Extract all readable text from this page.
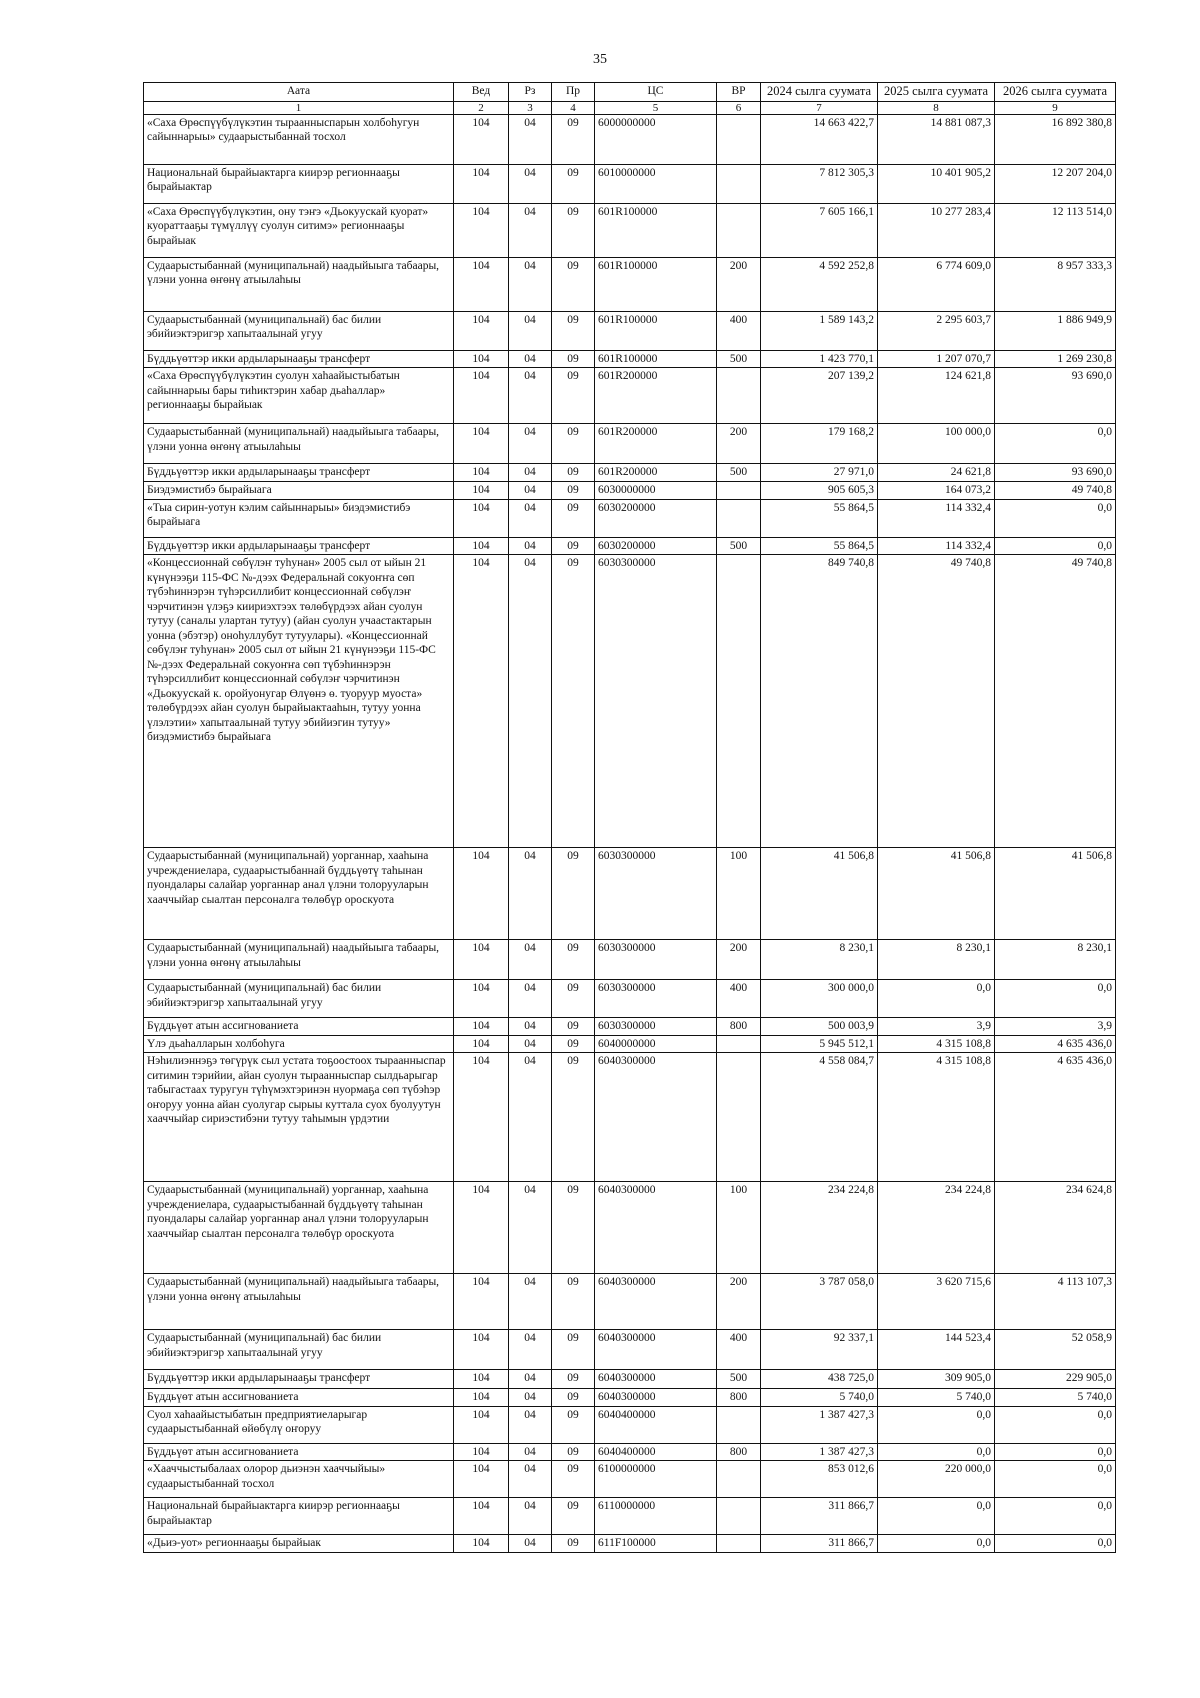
35
Аата	Вед	Рз	Пр	ЦС	ВР	2024 сылга суумата	2025 сылга суумата	2026 сылга суумата
1	2	3	4	5	6	7	8	9
«Саха Өрөспүүбүлүкэтин тыраанныспарын холбоһугун сайыннарыы» судаарыстыбаннай тосхол	104	04	09	6000000000		14 663 422,7	14 881 087,3	16 892 380,8
Национальнай бырайыактарга киирэр регионнааҕы бырайыактар	104	04	09	6010000000		7 812 305,3	10 401 905,2	12 207 204,0
«Саха Өрөспүүбүлүкэтин, ону тэҥэ «Дьокуускай куорат» куораттааҕы түмүллүү суолун ситимэ» регионнааҕы бырайыак	104	04	09	601R100000		7 605 166,1	10 277 283,4	12 113 514,0
Судаарыстыбаннай (муниципальнай) наадыйыыга табаары, үлэни уонна өҥөнү атыылаһыы	104	04	09	601R100000	200	4 592 252,8	6 774 609,0	8 957 333,3
Судаарыстыбаннай (муниципальнай) бас билии эбийиэктэригэр хапытаалынай угуу	104	04	09	601R100000	400	1 589 143,2	2 295 603,7	1 886 949,9
Бүддьүөттэр икки ардыларынааҕы трансферт	104	04	09	601R100000	500	1 423 770,1	1 207 070,7	1 269 230,8
«Саха Өрөспүүбүлүкэтин суолун хаһаайыстыбатын сайыннарыы бары тиһиктэрин хабар дьаһаллар» регионнааҕы бырайыак	104	04	09	601R200000		207 139,2	124 621,8	93 690,0
Судаарыстыбаннай (муниципальнай) наадыйыыга табаары, үлэни уонна өҥөнү атыылаһыы	104	04	09	601R200000	200	179 168,2	100 000,0	0,0
Бүддьүөттэр икки ардыларынааҕы трансферт	104	04	09	601R200000	500	27 971,0	24 621,8	93 690,0
Биэдэмистибэ бырайыага	104	04	09	6030000000		905 605,3	164 073,2	49 740,8
«Тыа сирин-уотун кэлим сайыннарыы» биэдэмистибэ бырайыага	104	04	09	6030200000		55 864,5	114 332,4	0,0
Бүддьүөттэр икки ардыларынааҕы трансферт	104	04	09	6030200000	500	55 864,5	114 332,4	0,0
«Концессионнай сөбүлэҥ туһунан» 2005 сыл от ыйын 21 күнүнээҕи 115-ФС №-дээх Федеральнай сокуоҥҥа сөп түбэһиннэрэн түһэрсиллибит концессионнай сөбүлэҥ чэрчитинэн үлэҕэ киириэхтээх төлөбүрдээх айан суолун тутуу (саналы улартан тутуу) (айан суолун учаастактарын уонна (эбэтэр) оноһуллубут тутуулары). «Концессионнай сөбүлэҥ туһунан» 2005 сыл от ыйын 21 күнүнээҕи 115-ФС №-дээх Федеральнай сокуоҥҥа сөп түбэһиннэрэн түһэрсиллибит концессионнай сөбүлэҥ чэрчитинэн «Дьокуускай к. оройуонугар Өлүөнэ ө. туоруур муоста» төлөбүрдээх айан суолун бырайыактааһын, тутуу уонна үлэлэтии» хапытаалынай тутуу эбийиэгин тутуу» биэдэмистибэ бырайыага	104	04	09	6030300000		849 740,8	49 740,8	49 740,8
Судаарыстыбаннай (муниципальнай) уорганнар, хааһына учреждениелара, судаарыстыбаннай бүддьүөтү таһынан пуондалары салайар уорганнар анал үлэни толорууларын хааччыйар сыалтан персоналга төлөбүр ороскуота	104	04	09	6030300000	100	41 506,8	41 506,8	41 506,8
Судаарыстыбаннай (муниципальнай) наадыйыыга табаары, үлэни уонна өҥөнү атыылаһыы	104	04	09	6030300000	200	8 230,1	8 230,1	8 230,1
Судаарыстыбаннай (муниципальнай) бас билии эбийиэктэригэр хапытаалынай угуу	104	04	09	6030300000	400	300 000,0	0,0	0,0
Бүддьүөт атын ассигнованиета	104	04	09	6030300000	800	500 003,9	3,9	3,9
Үлэ дьаһалларын холбоһуга	104	04	09	6040000000		5 945 512,1	4 315 108,8	4 635 436,0
Нэһилиэннэҕэ төгүрүк сыл устата тоҕоостоох тыраанныспар ситимин тэрийии, айан суолун тыраанныспар сылдьарыгар табыгастаах туругун түһүмэхтэринэн нуормаҕа сөп түбэһэр оҥоруу уонна айан суолугар сырыы куттала суох буолуутун хааччыйар сириэстибэни тутуу таһымын үрдэтии	104	04	09	6040300000		4 558 084,7	4 315 108,8	4 635 436,0
Судаарыстыбаннай (муниципальнай) уорганнар, хааһына учреждениелара, судаарыстыбаннай бүддьүөтү таһынан пуондалары салайар уорганнар анал үлэни толорууларын хааччыйар сыалтан персоналга төлөбүр ороскуота	104	04	09	6040300000	100	234 224,8	234 224,8	234 624,8
Судаарыстыбаннай (муниципальнай) наадыйыыга табаары, үлэни уонна өҥөнү атыылаһыы	104	04	09	6040300000	200	3 787 058,0	3 620 715,6	4 113 107,3
Судаарыстыбаннай (муниципальнай) бас билии эбийиэктэригэр хапытаалынай угуу	104	04	09	6040300000	400	92 337,1	144 523,4	52 058,9
Бүддьүөттэр икки ардыларынааҕы трансферт	104	04	09	6040300000	500	438 725,0	309 905,0	229 905,0
Бүддьүөт атын ассигнованиета	104	04	09	6040300000	800	5 740,0	5 740,0	5 740,0
Суол хаһаайыстыбатын предприятиеларыгар судаарыстыбаннай өйөбүлү оҥоруу	104	04	09	6040400000		1 387 427,3	0,0	0,0
Бүддьүөт атын ассигнованиета	104	04	09	6040400000	800	1 387 427,3	0,0	0,0
«Хааччыстыбалаах олорор дьиэнэн хааччыйыы» судаарыстыбаннай тосхол	104	04	09	6100000000		853 012,6	220 000,0	0,0
Национальнай бырайыактарга киирэр регионнааҕы бырайыактар	104	04	09	6110000000		311 866,7	0,0	0,0
«Дьиэ-уот» регионнааҕы бырайыак	104	04	09	611F100000		311 866,7	0,0	0,0
